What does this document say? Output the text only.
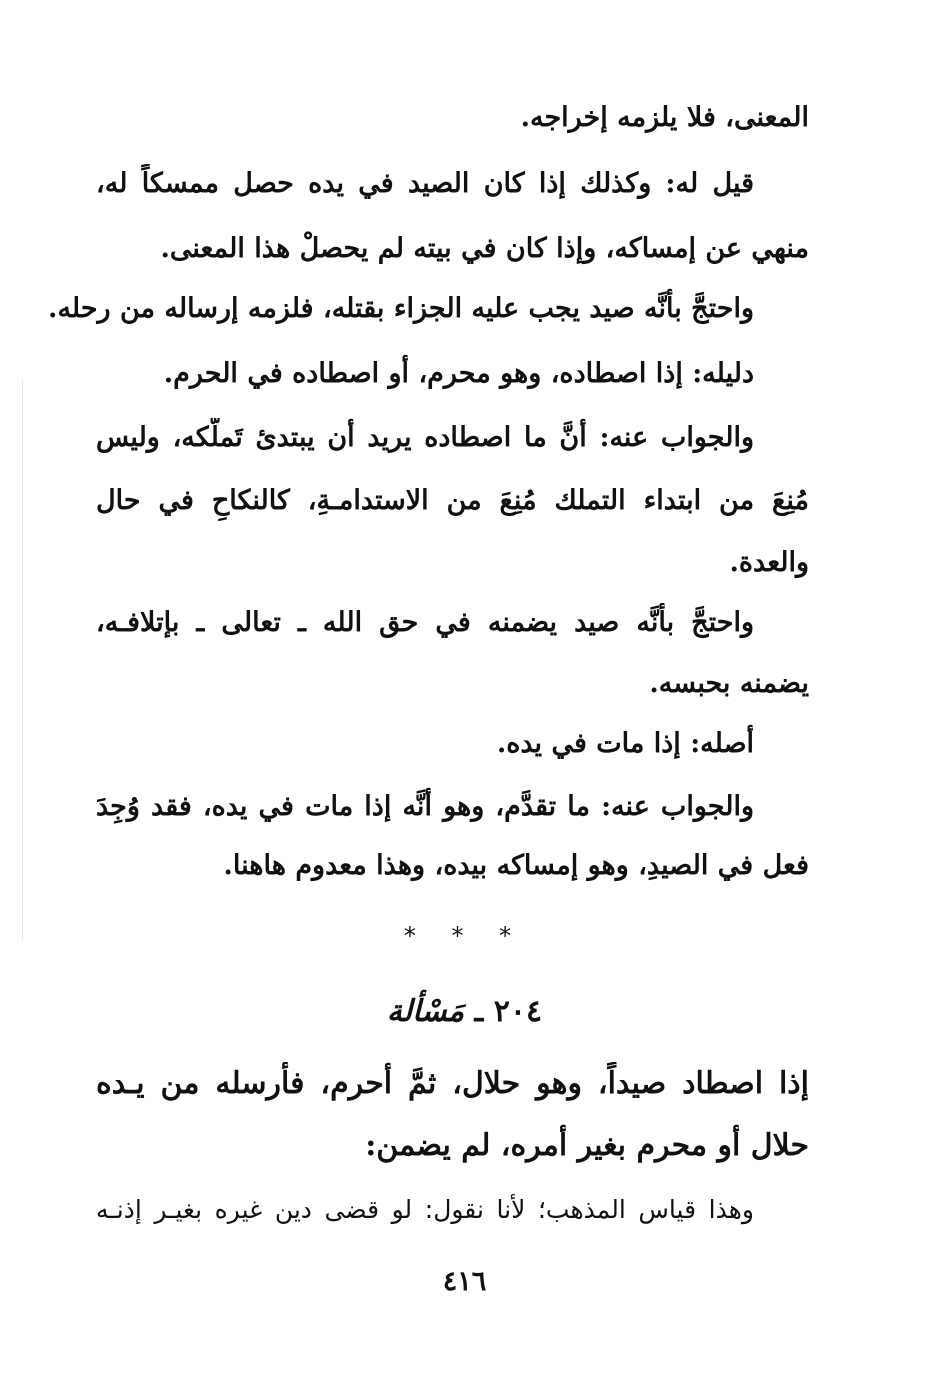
المعنى، فلا يلزمه إخراجه.
قيل له: وكذلك إذا كان الصيد في يده حصل ممسكاً له،
منهي عن إمساكه، وإذا كان في بيته لم يحصلْ هذا المعنى.
واحتجَّ بأنَّه صيد يجب عليه الجزاء بقتله، فلزمه إرساله من رحله.
دليله: إذا اصطاده، وهو محرم، أو اصطاده في الحرم.
والجواب عنه: أنَّ ما اصطاده يريد أن يبتدئ تَملُّكه، وليس
مُنِعَ من ابتداء التملك مُنِعَ من الاستدامـةِ، كالنكاحِ في حال
والعدة.
واحتجَّ بأنَّه صيد يضمنه في حق الله ـ تعالى ـ بإتلافـه،
يضمنه بحبسه.
أصله: إذا مات في يده.
والجواب عنه: ما تقدَّم، وهو أنَّه إذا مات في يده، فقد وُجِدَ
فعل في الصيدِ، وهو إمساكه بيده، وهذا معدوم هاهنا.
* * *
٢٠٤ ـ مَسْألة
إذا اصطاد صيداً، وهو حلال، ثمَّ أحرم، فأرسله من يـده
حلال أو محرم بغير أمره، لم يضمن:
وهذا قياس المذهب؛ لأنا نقول: لو قضى دين غيره بغيـر إذنـه
٤١٦
